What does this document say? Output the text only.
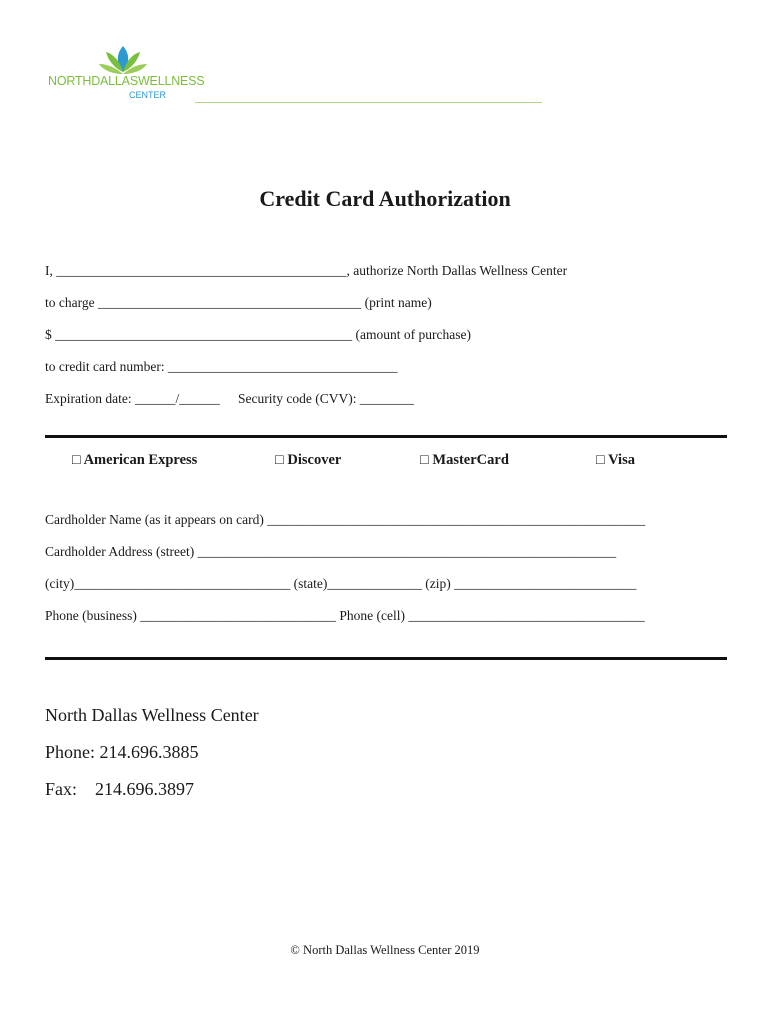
NORTHDALLASWELLNESS
CENTER _______________________________________________________________
Credit Card Authorization
I, ___________________________________________, authorize North Dallas Wellness Center
to charge _______________________________________ (print name)
$ ____________________________________________ (amount of purchase)
to credit card number: __________________________________
Expiration date: ______/______ Security code (CVV): ________
□ American Express	□ Discover	□ MasterCard	□ Visa
Cardholder Name (as it appears on card) ________________________________________________________
Cardholder Address (street) ______________________________________________________________
(city)________________________________ (state)______________ (zip) ___________________________
Phone (business) _____________________________ Phone (cell) ___________________________________
North Dallas Wellness Center
Phone: 214.696.3885
Fax:    214.696.3897
© North Dallas Wellness Center 2019
